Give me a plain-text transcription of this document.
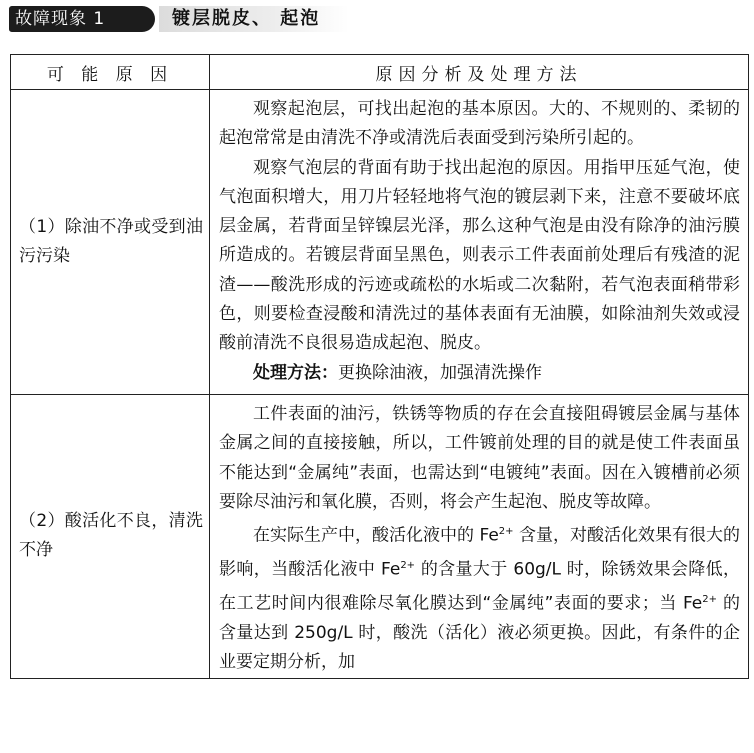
故障现象 1	镀层脱皮、 起泡
可 能 原 因	原因分析及处理方法

（1）除油不净或受到油污污染	观察起泡层，可找出起泡的基本原因。大的、不规则的、柔韧的起泡常常是由清洗不净或清洗后表面受到污染所引起的。

观察气泡层的背面有助于找出起泡的原因。用指甲压延气泡，使气泡面积增大，用刀片轻轻地将气泡的镀层剥下来，注意不要破坏底层金属，若背面呈锌镍层光泽，那么这种气泡是由没有除净的油污膜所造成的。若镀层背面呈黑色，则表示工件表面前处理后有残渣的泥渣——酸洗形成的污迹或疏松的水垢或二次黏附，若气泡表面稍带彩色，则要检查浸酸和清洗过的基体表面有无油膜，如除油剂失效或浸酸前清洗不良很易造成起泡、脱皮。

处理方法：更换除油液，加强清洗操作

（2）酸活化不良，清洗不净	工件表面的油污，铁锈等物质的存在会直接阻碍镀层金属与基体金属之间的直接接触，所以，工件镀前处理的目的就是使工件表面虽不能达到“金属纯”表面，也需达到“电镀纯”表面。因在入镀槽前必须要除尽油污和氧化膜，否则，将会产生起泡、脱皮等故障。

在实际生产中，酸活化液中的 $Fe^{2+}$ 含量，对酸活化效果有很大的影响，当酸活化液中 $Fe^{2+}$ 的含量大于 60g/L 时，除锈效果会降低，在工艺时间内很难除尽氧化膜达到“金属纯”表面的要求；当 $Fe^{2+}$ 的含量达到 250g/L 时，酸洗（活化）液必须更换。因此，有条件的企业要定期分析，加
